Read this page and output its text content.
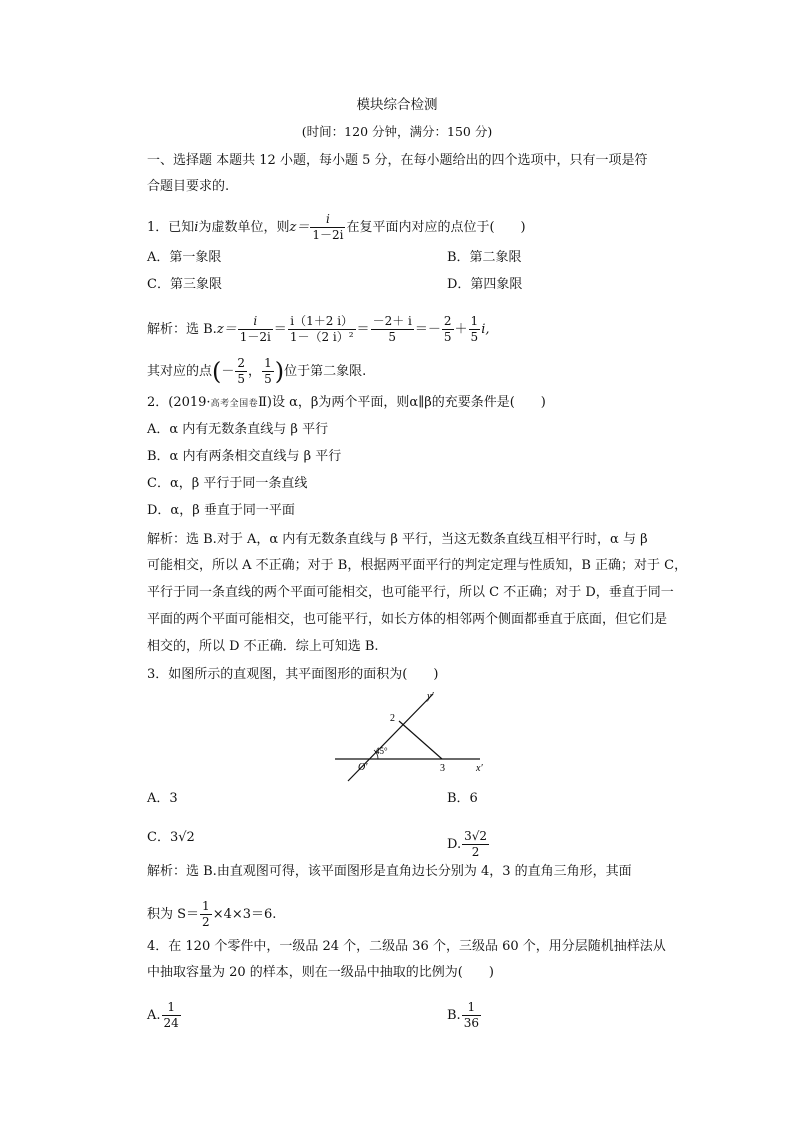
模块综合检测
(时间：120 分钟，满分：150 分)
一、选择题 本题共 12 小题，每小题 5 分，在每小题给出的四个选项中，只有一项是符
合题目要求的.
1．已知i为虚数单位，则$z= \frac{i}{1-2i}$ 在复平面内对应的点位于(　　)
A．第一象限	B．第二象限
C．第三象限	D．第四象限
解析：选 $B.z= \frac{i}{1-2i} = \frac{i(1+2 i)}{\text{1－（2 i）²}} = \frac{-2+ i}{5} =- \frac{2}{5} + \frac{1}{5} i$,
其对应的点(－ $\frac{2}{5}$ ， $\frac{1}{5}$ )位于第二象限.
2．(2019·高考全国卷Ⅱ)设 α，β为两个平面，则α∥β的充要条件是(　　)
A．α 内有无数条直线与 β 平行
B．α 内有两条相交直线与 β 平行
C．α，β 平行于同一条直线
D．α，β 垂直于同一平面
解析：选 B.对于 A，α 内有无数条直线与 β 平行，当这无数条直线互相平行时，α 与 β
可能相交，所以 A 不正确；对于 B，根据两平面平行的判定定理与性质知，B 正确；对于 C，
平行于同一条直线的两个平面可能相交，也可能平行，所以 C 不正确；对于 D，垂直于同一
平面的两个平面可能相交，也可能平行，如长方体的相邻两个侧面都垂直于底面，但它们是
相交的，所以 D 不正确．综上可知选 B.
3．如图所示的直观图，其平面图形的面积为(　　)
y′
x′
O′
45°
2
3
A．3	B．6
C．3√2	D. $\frac{3√2}{2}$
解析：选 B.由直观图可得，该平面图形是直角边长分别为 4，3 的直角三角形，其面
积为 $S= \frac{1}{2} \times 4\times 3=6$.
4．在 120 个零件中，一级品 24 个，二级品 36 个，三级品 60 个，用分层随机抽样法从
中抽取容量为 20 的样本，则在一级品中抽取的比例为(　　)
A. $\frac{1}{24}$	B. $\frac{1}{36}$
